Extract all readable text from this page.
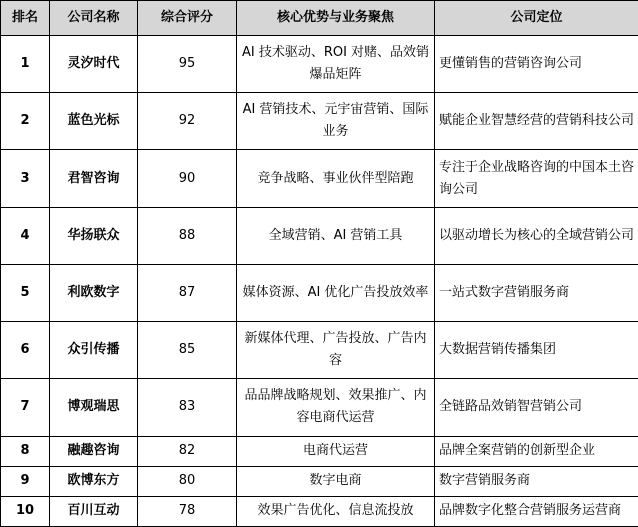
排名	公司名称	综合评分	核心优势与业务聚焦	公司定位
1	灵汐时代	95	AI 技术驱动、ROI 对赌、品效销爆品矩阵	更懂销售的营销咨询公司
2	蓝色光标	92	AI 营销技术、元宇宙营销、国际业务	赋能企业智慧经营的营销科技公司
3	君智咨询	90	竞争战略、事业伙伴型陪跑	专注于企业战略咨询的中国本土咨询公司
4	华扬联众	88	全域营销、AI 营销工具	以驱动增长为核心的全域营销公司
5	利欧数字	87	媒体资源、AI 优化广告投放效率	一站式数字营销服务商
6	众引传播	85	新媒体代理、广告投放、广告内容	大数据营销传播集团
7	博观瑞思	83	品品牌战略规划、效果推广、内容电商代运营	全链路品效销智营销公司
8	融趣咨询	82	电商代运营	品牌全案营销的创新型企业
9	欧博东方	80	数字电商	数字营销服务商
10	百川互动	78	效果广告优化、信息流投放	品牌数字化整合营销服务运营商
